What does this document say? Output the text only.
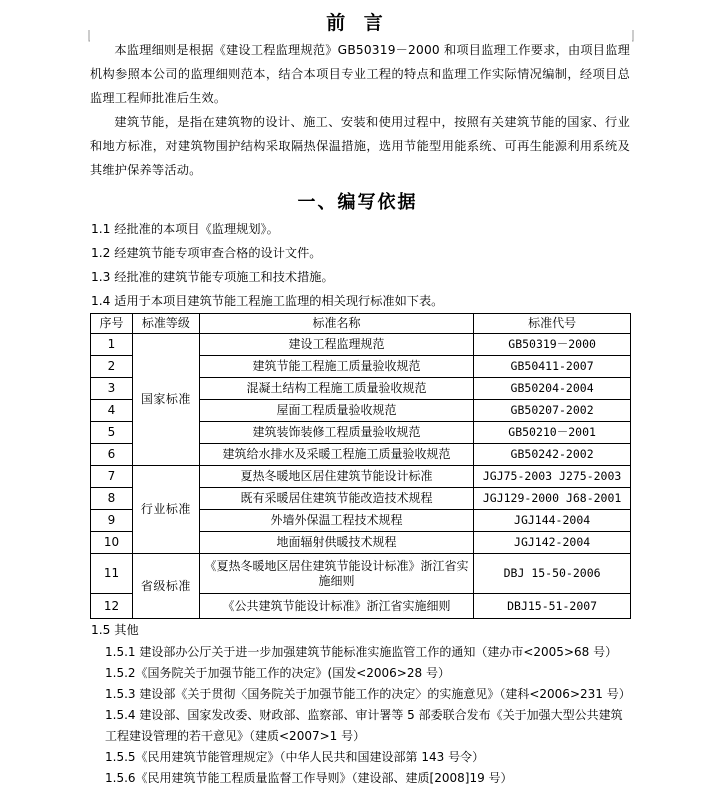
前 言
本监理细则是根据《建设工程监理规范》GB50319－2000 和项目监理工作要求，由项目监理机构参照本公司的监理细则范本，结合本项目专业工程的特点和监理工作实际情况编制，经项目总监理工程师批准后生效。
建筑节能，是指在建筑物的设计、施工、安装和使用过程中，按照有关建筑节能的国家、行业和地方标准，对建筑物围护结构采取隔热保温措施，选用节能型用能系统、可再生能源利用系统及其维护保养等活动。
一、编写依据
1.1 经批准的本项目《监理规划》。
1.2 经建筑节能专项审查合格的设计文件。
1.3 经批准的建筑节能专项施工和技术措施。
1.4 适用于本项目建筑节能工程施工监理的相关现行标准如下表。
序号	标准等级	标准名称	标准代号
1	国家标准	建设工程监理规范	GB50319－2000
2		建筑节能工程施工质量验收规范	GB50411-2007
3		混凝土结构工程施工质量验收规范	GB50204-2004
4		屋面工程质量验收规范	GB50207-2002
5		建筑装饰装修工程质量验收规范	GB50210－2001
6		建筑给水排水及采暖工程施工质量验收规范	GB50242-2002
7	行业标准	夏热冬暖地区居住建筑节能设计标准	JGJ75-2003 J275-2003
8		既有采暖居住建筑节能改造技术规程	JGJ129-2000 J68-2001
9		外墙外保温工程技术规程	JGJ144-2004
10		地面辐射供暖技术规程	JGJ142-2004
11	省级标准	《夏热冬暖地区居住建筑节能设计标准》浙江省实施细则	DBJ 15-50-2006
12		《公共建筑节能设计标准》浙江省实施细则	DBJ15-51-2007
1.5 其他
1.5.1 建设部办公厅关于进一步加强建筑节能标准实施监管工作的通知（建办市<2005>68 号）
1.5.2《国务院关于加强节能工作的决定》(国发<2006>28 号）
1.5.3 建设部《关于贯彻〈国务院关于加强节能工作的决定〉的实施意见》（建科<2006>231 号）
1.5.4 建设部、国家发改委、财政部、监察部、审计署等 5 部委联合发布《关于加强大型公共建筑工程建设管理的若干意见》（建质<2007>1 号）
1.5.5《民用建筑节能管理规定》（中华人民共和国建设部第 143 号令）
1.5.6《民用建筑节能工程质量监督工作导则》（建设部、建质[2008]19 号）
